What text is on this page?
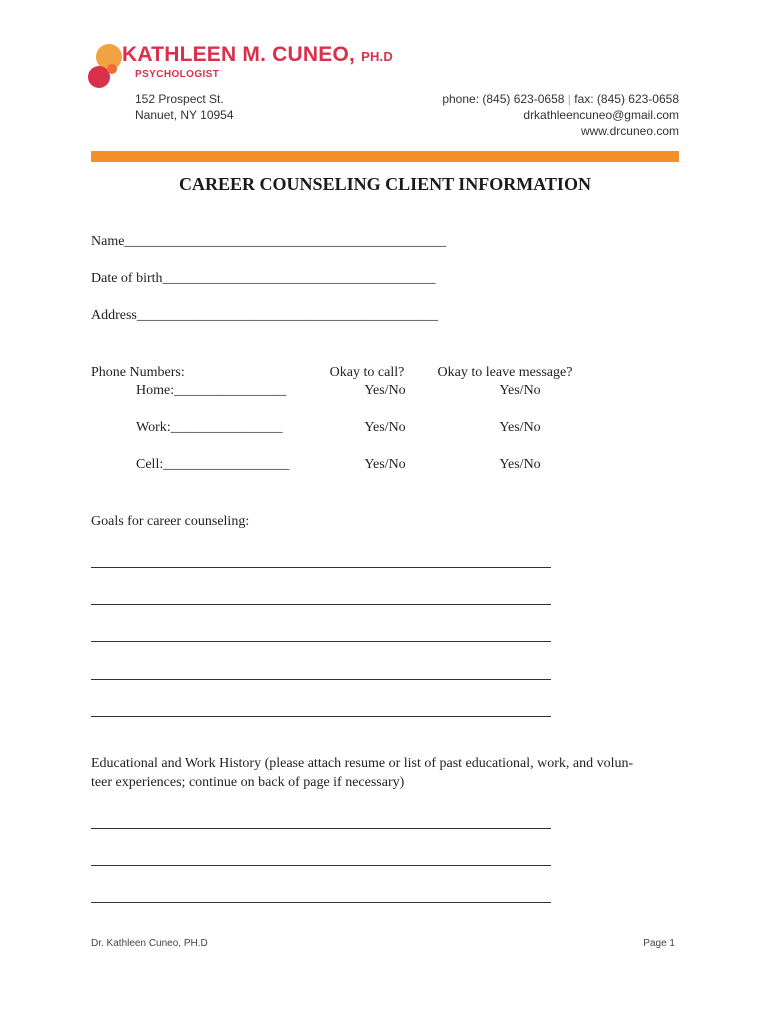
KATHLEEN M. CUNEO, PH.D
PSYCHOLOGIST
152 Prospect St.
Nanuet, NY 10954
phone: (845) 623-0658 | fax: (845) 623-0658
drkathleencuneo@gmail.com
www.drcuneo.com
CAREER COUNSELING CLIENT INFORMATION
Name______________________________________________
Date of birth_______________________________________
Address___________________________________________
Phone Numbers:	Okay to call?	Okay to leave message?
Home:________________	Yes/No	Yes/No
Work:________________	Yes/No	Yes/No
Cell:__________________	Yes/No	Yes/No
Goals for career counseling:
Educational and Work History (please attach resume or list of past educational, work, and volun-
teer experiences; continue on back of page if necessary)
Dr. Kathleen Cuneo, PH.D	Page 1
